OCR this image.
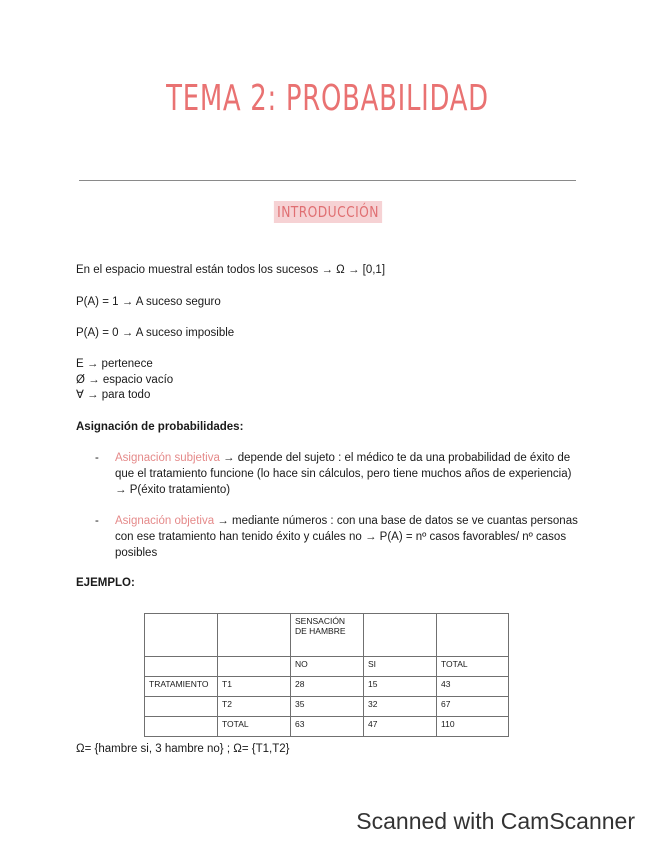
TEMA 2: PROBABILIDAD
INTRODUCCIÓN
En el espacio muestral están todos los sucesos → Ω → [0,1]
P(A) = 1 → A suceso seguro
P(A) = 0 → A suceso imposible
E → pertenece
Ø → espacio vacío
∀ → para todo
Asignación de probabilidades:
- Asignación subjetiva → depende del sujeto : el médico te da una probabilidad de éxito de que el tratamiento funcione (lo hace sin cálculos, pero tiene muchos años de experiencia) → P(éxito tratamiento)
- Asignación objetiva → mediante números : con una base de datos se ve cuantas personas con ese tratamiento han tenido éxito y cuáles no → P(A) = nº casos favorables/ nº casos posibles
EJEMPLO:
		SENSACIÓN DE HAMBRE		
		NO	SI	TOTAL
TRATAMIENTO	T1	28	15	43
	T2	35	32	67
	TOTAL	63	47	110
Ω= {hambre si, 3 hambre no} ; Ω= {T1,T2}
Scanned with CamScanner
